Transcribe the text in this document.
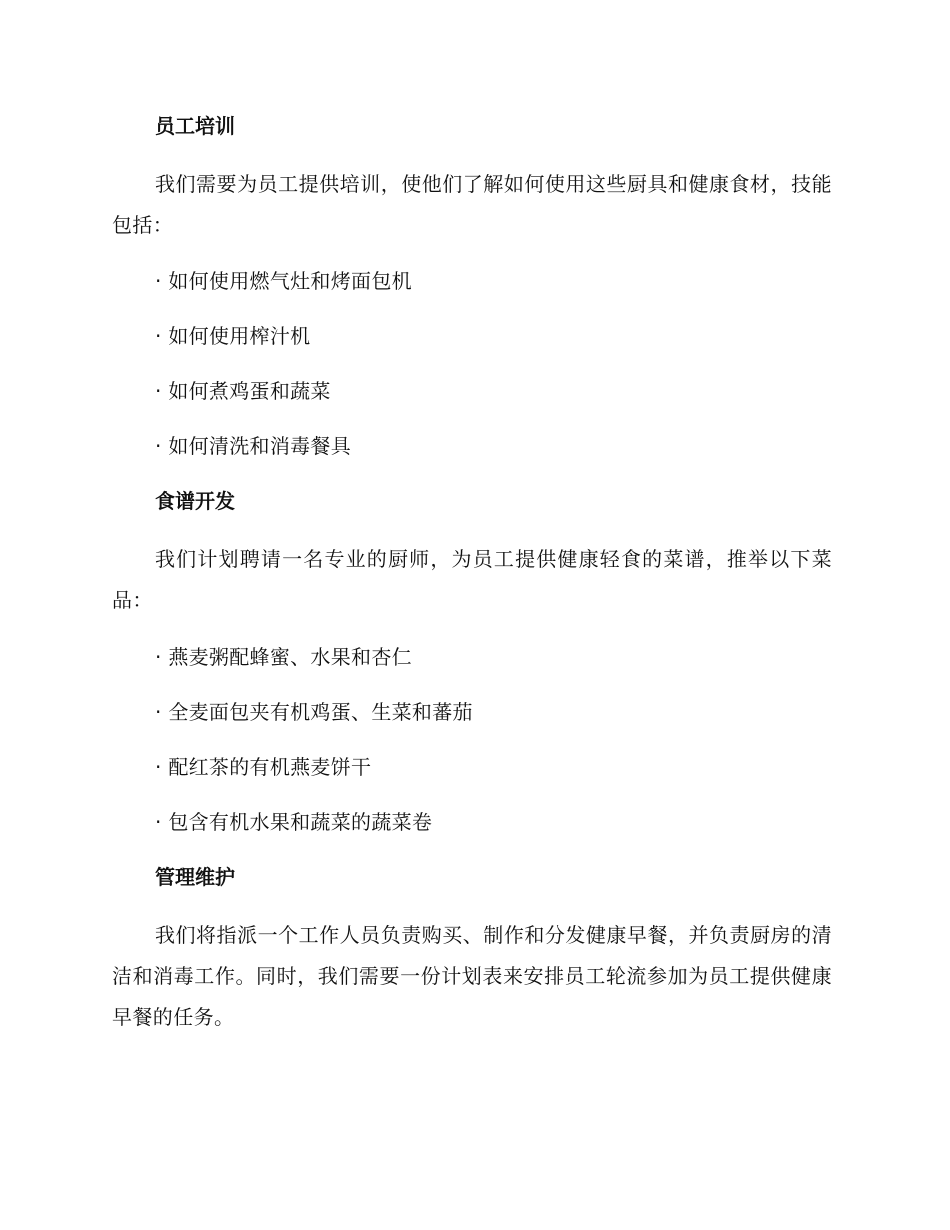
员工培训

我们需要为员工提供培训，使他们了解如何使用这些厨具和健康食材，技能包括：

· 如何使用燃气灶和烤面包机

· 如何使用榨汁机

· 如何煮鸡蛋和蔬菜

· 如何清洗和消毒餐具

食谱开发

我们计划聘请一名专业的厨师，为员工提供健康轻食的菜谱，推举以下菜品：

· 燕麦粥配蜂蜜、水果和杏仁

· 全麦面包夹有机鸡蛋、生菜和蕃茄

· 配红茶的有机燕麦饼干

· 包含有机水果和蔬菜的蔬菜卷

管理维护

我们将指派一个工作人员负责购买、制作和分发健康早餐，并负责厨房的清洁和消毒工作。同时，我们需要一份计划表来安排员工轮流参加为员工提供健康早餐的任务。
